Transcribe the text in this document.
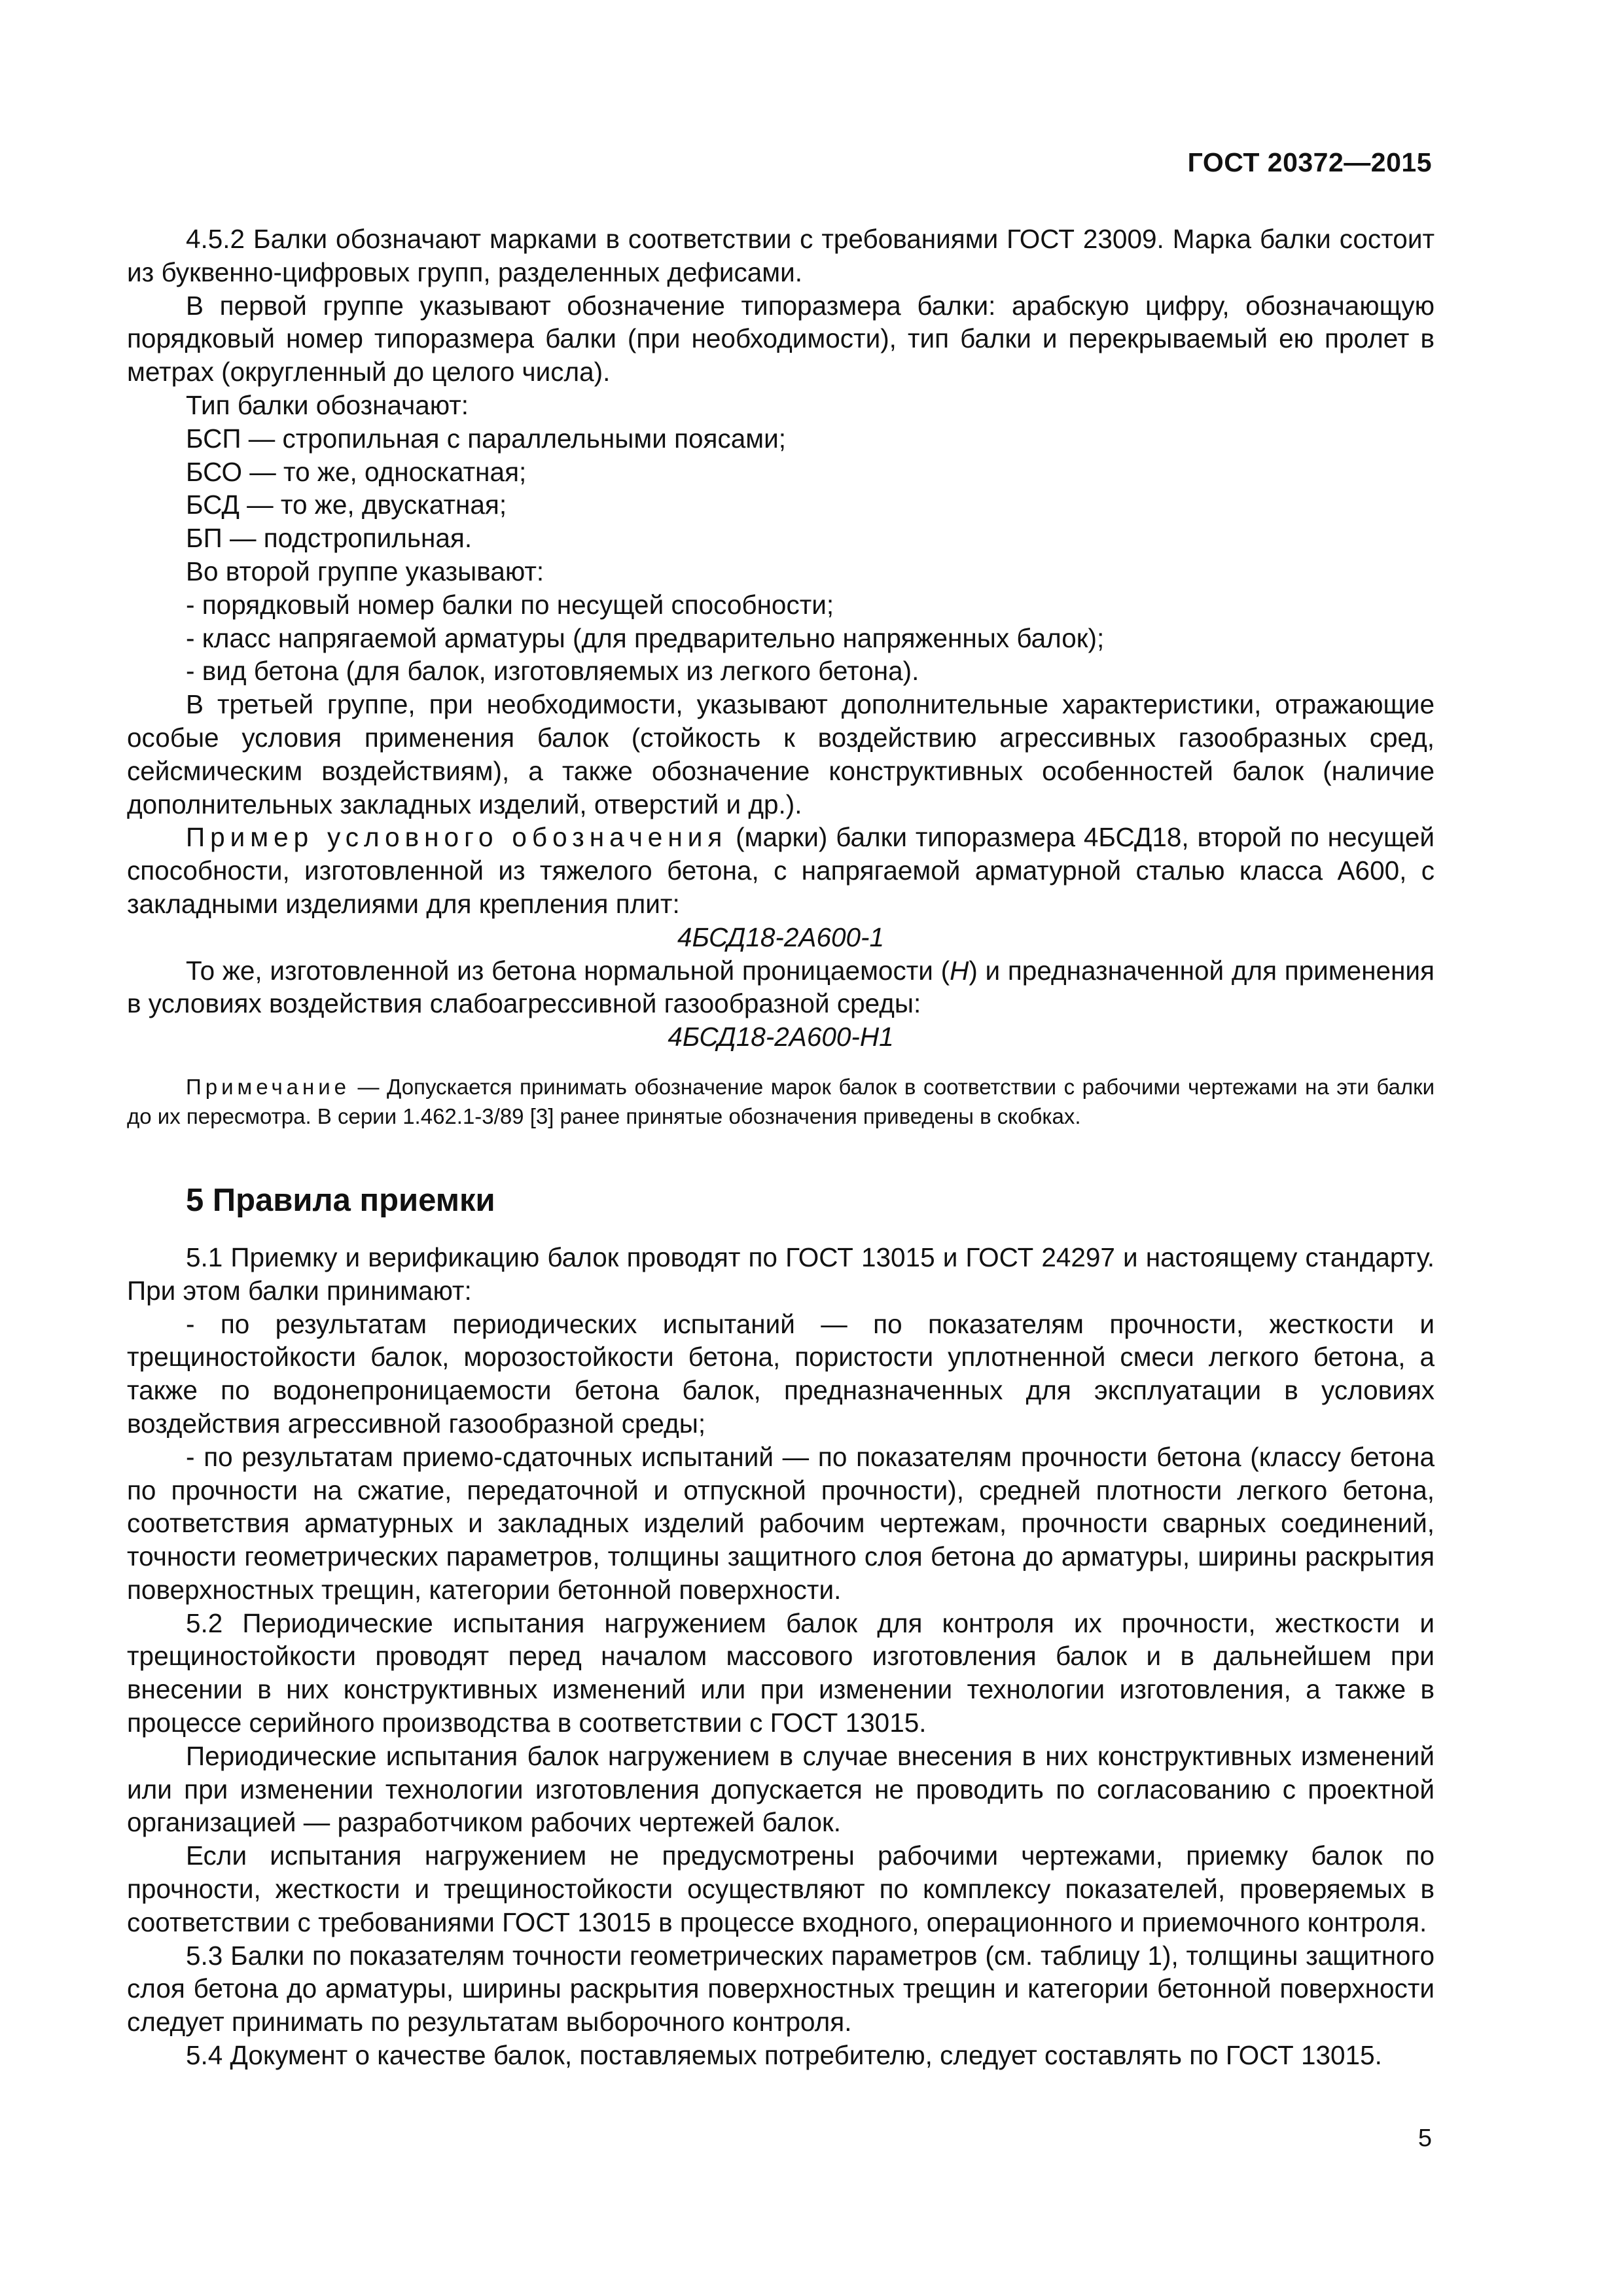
ГОСТ 20372—2015

4.5.2 Балки обозначают марками в соответствии с требованиями ГОСТ 23009. Марка балки состоит из буквенно-цифровых групп, разделенных дефисами.

В первой группе указывают обозначение типоразмера балки: арабскую цифру, обозначающую порядковый номер типоразмера балки (при необходимости), тип балки и перекрываемый ею пролет в метрах (округленный до целого числа).

Тип балки обозначают:

БСП — стропильная с параллельными поясами;

БСО — то же, односкатная;

БСД — то же, двускатная;

БП — подстропильная.

Во второй группе указывают:

- порядковый номер балки по несущей способности;

- класс напрягаемой арматуры (для предварительно напряженных балок);

- вид бетона (для балок, изготовляемых из легкого бетона).

В третьей группе, при необходимости, указывают дополнительные характеристики, отражающие особые условия применения балок (стойкость к воздействию агрессивных газообразных сред, сейсмическим воздействиям), а также обозначение конструктивных особенностей балок (наличие дополнительных закладных изделий, отверстий и др.).

Пример условного обозначения (марки) балки типоразмера 4БСД18, второй по несущей способности, изготовленной из тяжелого бетона, с напрягаемой арматурной сталью класса А600, с закладными изделиями для крепления плит:

4БСД18-2А600-1

То же, изготовленной из бетона нормальной проницаемости (Н) и предназначенной для применения в условиях воздействия слабоагрессивной газообразной среды:

4БСД18-2А600-Н1

Примечание — Допускается принимать обозначение марок балок в соответствии с рабочими чертежами на эти балки до их пересмотра. В серии 1.462.1-3/89 [3] ранее принятые обозначения приведены в скобках.

5 Правила приемки

5.1 Приемку и верификацию балок проводят по ГОСТ 13015 и ГОСТ 24297 и настоящему стандарту. При этом балки принимают:

- по результатам периодических испытаний — по показателям прочности, жесткости и трещиностойкости балок, морозостойкости бетона, пористости уплотненной смеси легкого бетона, а также по водонепроницаемости бетона балок, предназначенных для эксплуатации в условиях воздействия агрессивной газообразной среды;

- по результатам приемо-сдаточных испытаний — по показателям прочности бетона (классу бетона по прочности на сжатие, передаточной и отпускной прочности), средней плотности легкого бетона, соответствия арматурных и закладных изделий рабочим чертежам, прочности сварных соединений, точности геометрических параметров, толщины защитного слоя бетона до арматуры, ширины раскрытия поверхностных трещин, категории бетонной поверхности.

5.2 Периодические испытания нагружением балок для контроля их прочности, жесткости и трещиностойкости проводят перед началом массового изготовления балок и в дальнейшем при внесении в них конструктивных изменений или при изменении технологии изготовления, а также в процессе серийного производства в соответствии с ГОСТ 13015.

Периодические испытания балок нагружением в случае внесения в них конструктивных изменений или при изменении технологии изготовления допускается не проводить по согласованию с проектной организацией — разработчиком рабочих чертежей балок.

Если испытания нагружением не предусмотрены рабочими чертежами, приемку балок по прочности, жесткости и трещиностойкости осуществляют по комплексу показателей, проверяемых в соответствии с требованиями ГОСТ 13015 в процессе входного, операционного и приемочного контроля.

5.3 Балки по показателям точности геометрических параметров (см. таблицу 1), толщины защитного слоя бетона до арматуры, ширины раскрытия поверхностных трещин и категории бетонной поверхности следует принимать по результатам выборочного контроля.

5.4 Документ о качестве балок, поставляемых потребителю, следует составлять по ГОСТ 13015.

5
